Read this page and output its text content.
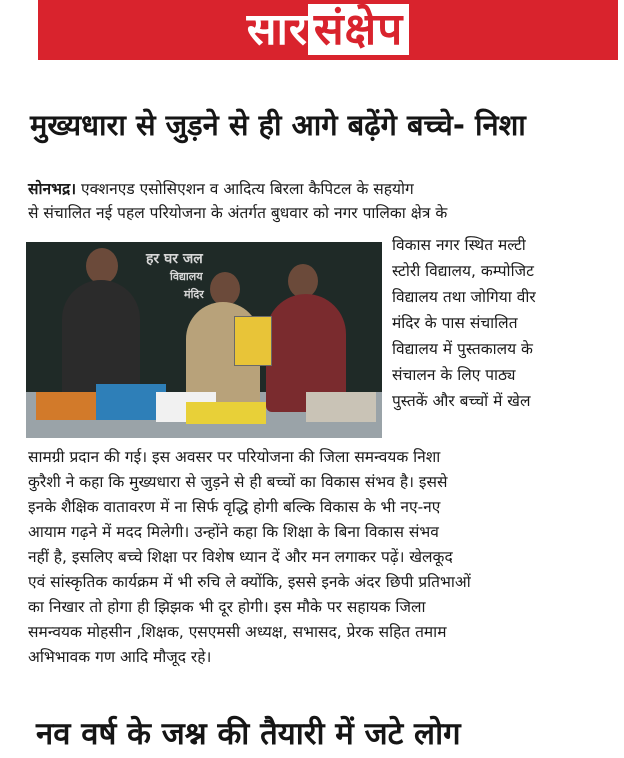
सार संक्षेप
मुख्यधारा से जुड़ने से ही आगे बढ़ेंगे बच्चे- निशा
सोनभद्र। एक्शनएड एसोसिएशन व आदित्य बिरला कैपिटल के सहयोग
से संचालित नई पहल परियोजना के अंतर्गत बुधवार को नगर पालिका क्षेत्र के
हर घर जल
विद्यालय
मंदिर
विकास नगर स्थित मल्टी
स्टोरी विद्यालय, कम्पोजिट
विद्यालय तथा जोगिया वीर
मंदिर के पास संचालित
विद्यालय में पुस्तकालय के
संचालन के लिए पाठ्य
पुस्तकें और बच्चों में खेल
सामग्री प्रदान की गई। इस अवसर पर परियोजना की जिला समन्वयक निशा
कुरैशी ने कहा कि मुख्यधारा से जुड़ने से ही बच्चों का विकास संभव है। इससे
इनके शैक्षिक वातावरण में ना सिर्फ वृद्धि होगी बल्कि विकास के भी नए-नए
आयाम गढ़ने में मदद मिलेगी। उन्होंने कहा कि शिक्षा के बिना विकास संभव
नहीं है, इसलिए बच्चे शिक्षा पर विशेष ध्यान दें और मन लगाकर पढ़ें। खेलकूद
एवं सांस्कृतिक कार्यक्रम में भी रुचि ले क्योंकि, इससे इनके अंदर छिपी प्रतिभाओं
का निखार तो होगा ही झिझक भी दूर होगी। इस मौके पर सहायक जिला
समन्वयक मोहसीन ,शिक्षक, एसएमसी अध्यक्ष, सभासद, प्रेरक सहित तमाम
अभिभावक गण आदि मौजूद रहे।
नव वर्ष के जश्न की तैयारी में जटे लोग
